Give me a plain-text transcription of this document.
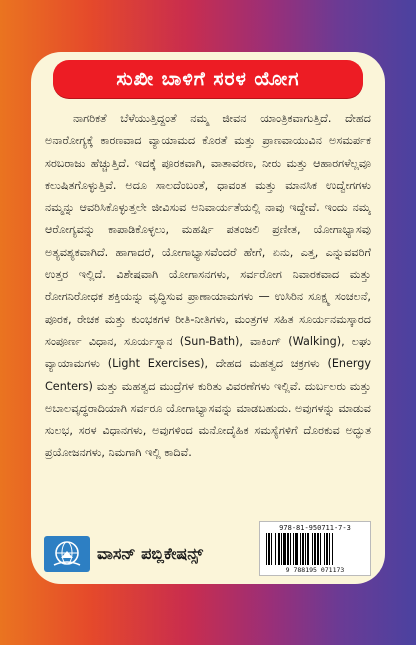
ಸುಖೀ ಬಾಳಿಗೆ ಸರಳ ಯೋಗ

ನಾಗರಿಕತೆ ಬೆಳೆಯುತ್ತಿದ್ದಂತೆ ನಮ್ಮ ಜೀವನ ಯಾಂತ್ರಿಕವಾಗುತ್ತಿದೆ. ದೇಹದ ಅನಾರೋಗ್ಯಕ್ಕೆ ಕಾರಣವಾದ ವ್ಯಾಯಾಮದ ಕೊರತೆ ಮತ್ತು ಪ್ರಾಣವಾಯುವಿನ ಅಸಮರ್ಪಕ ಸರಬರಾಜು ಹೆಚ್ಚುತ್ತಿದೆ. ಇದಕ್ಕೆ ಪೂರಕವಾಗಿ, ವಾತಾವರಣ, ನೀರು ಮತ್ತು ಆಹಾರಗಳೆಲ್ಲವೂ ಕಲುಷಿತಗೊಳ್ಳುತ್ತಿವೆ. ಅದೂ ಸಾಲದೆಂಬಂತೆ, ಧಾವಂತ ಮತ್ತು ಮಾನಸಿಕ ಉದ್ವೇಗಗಳು ನಮ್ಮನ್ನು ಆವರಿಸಿಕೊಳ್ಳುತ್ತಲೇ ಜೀವಿಸುವ ಅನಿವಾರ್ಯತೆಯಲ್ಲಿ ನಾವು ಇದ್ದೇವೆ. ಇಂದು ನಮ್ಮ ಆರೋಗ್ಯವನ್ನು ಕಾಪಾಡಿಕೊಳ್ಳಲು, ಮಹರ್ಷಿ ಪತಂಜಲಿ ಪ್ರಣೀತ, ಯೋಗಾಭ್ಯಾಸವು ಅತ್ಯವಶ್ಯಕವಾಗಿದೆ. ಹಾಗಾದರೆ, ಯೋಗಾಭ್ಯಾಸವೆಂದರೆ ಹೇಗೆ, ಏನು, ಎತ್ತ, ಎನ್ನುವವರಿಗೆ ಉತ್ತರ ಇಲ್ಲಿದೆ. ವಿಶೇಷವಾಗಿ ಯೋಗಾಸನಗಳು, ಸರ್ವರೋಗ ನಿವಾರಕವಾದ ಮತ್ತು ರೋಗನಿರೋಧಕ ಶಕ್ತಿಯನ್ನು ವೃದ್ಧಿಸುವ ಪ್ರಾಣಾಯಾಮಗಳು — ಉಸಿರಿನ ಸೂಕ್ಷ್ಮ ಸಂಚಲನೆ, ಪೂರಕ, ರೇಚಕ ಮತ್ತು ಕುಂಭಕಗಳ ರೀತಿ-ನೀತಿಗಳು, ಮಂತ್ರಗಳ ಸಹಿತ ಸೂರ್ಯನಮಸ್ಕಾರದ ಸಂಪೂರ್ಣ ವಿಧಾನ, ಸೂರ್ಯಸ್ನಾನ (Sun-Bath), ವಾಕಿಂಗ್ (Walking), ಲಘು ವ್ಯಾಯಾಮಗಳು (Light Exercises), ದೇಹದ ಮಹತ್ವದ ಚಕ್ರಗಳು (Energy Centers) ಮತ್ತು ಮಹತ್ವದ ಮುದ್ರೆಗಳ ಕುರಿತು ವಿವರಣೆಗಳು ಇಲ್ಲಿವೆ. ದುರ್ಬಲರು ಮತ್ತು ಅಬಾಲವೃದ್ಧರಾದಿಯಾಗಿ ಸರ್ವರೂ ಯೋಗಾಭ್ಯಾಸವನ್ನು ಮಾಡಬಹುದು. ಅವುಗಳನ್ನು ಮಾಡುವ ಸುಲಭ, ಸರಳ ವಿಧಾನಗಳು, ಅವುಗಳಿಂದ ಮನೋದೈಹಿಕ ಸಮಸ್ಯೆಗಳಿಗೆ ದೊರಕುವ ಅದ್ಭುತ ಪ್ರಯೋಜನಗಳು, ನಿಮಗಾಗಿ ಇಲ್ಲಿ ಕಾದಿವೆ.

ವಾಸನ್ ಪಬ್ಲಿಕೇಷನ್ಸ್
978-81-950711-7-3
9 788195 071173
